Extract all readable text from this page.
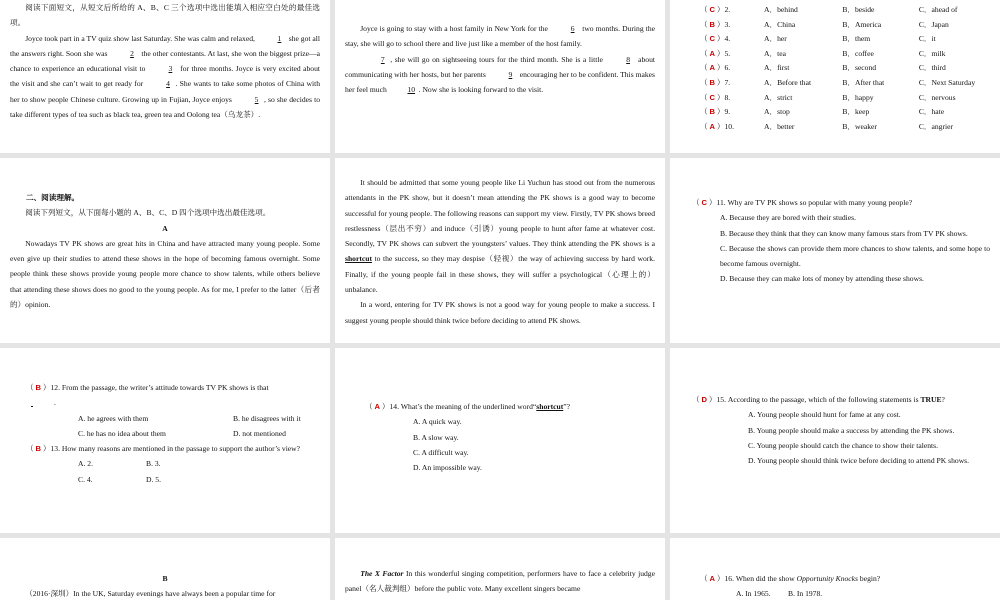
阅读下面短文，从短文后所给的 A、B、C 三个选项中选出能填入相应空白处的最佳选项。

Joyce took part in a TV quiz show last Saturday. She was calm and relaxed,	1 she got all the answers right. Soon she was	2 the other contestants. At last, she won the biggest prize—a chance to experience an educational visit to	3 for three months. Joyce is very excited about the visit and she can’t wait to get ready for	4 . She wants to take some photos of China with her to show people Chinese culture. Growing up in Fujian, Joyce enjoys	5 , so she decides to take different types of tea such as black tea, green tea and Oolong tea（乌龙茶）.

Joyce is going to stay with a host family in New York for the	6 two months. During the stay, she will go to school there and live just like a member of the host family.

7 , she will go on sightseeing tours for the third month. She is a little	8 about communicating with her hosts, but her parents	9 encouraging her to be confident. This makes her feel much	10 . Now she is looking forward to the visit.

（ C ）2.	A．behind	B．beside	C．ahead of
（ B ）3.	A．China	B．America	C．Japan
（ C ）4.	A．her	B．them	C．it
（ A ）5.	A．tea	B．coffee	C．milk
（ A ）6.	A．first	B．second	C．third
（ B ）7.	A．Before that	B．After that	C．Next Saturday
（ C ）8.	A．strict	B．happy	C．nervous
（ B ）9.	A．stop	B．keep	C．hate
（ A ）10.	A．better	B．weaker	C．angrier

二、阅读理解。

阅读下列短文，从下面每小题的 A、B、C、D 四个选项中选出最佳选项。

A

Nowadays TV PK shows are great hits in China and have attracted many young people. Some even give up their studies to attend these shows in the hope of becoming famous overnight. Some people think these shows provide young people more chance to show talents, while others believe that attending these shows does no good to the young people. As for me, I prefer to the latter（后者的）opinion.

It should be admitted that some young people like Li Yuchun has stood out from the numerous attendants in the PK show, but it doesn’t mean attending the PK shows is a good way to become successful for young people. The following reasons can support my view. Firstly, TV PK shows breed restlessness（层出不穷）and induce（引诱）young people to hunt after fame at whatever cost. Secondly, TV PK shows can subvert the youngsters’ values. They think attending the PK shows is a shortcut to the success, so they may despise（轻视）the way of achieving success by hard work. Finally, if the young people fail in these shows, they will suffer a psychological（心理上的）unbalance.

In a word, entering for TV PK shows is not a good way for young people to make a success. I suggest young people should think twice before deciding to attend PK shows.

（ C ）11. Why are TV PK shows so popular with many young people?

A. Because they are bored with their studies.

B. Because they think that they can know many famous stars from TV PK shows.

C. Because the shows can provide them more chances to show talents, and some hope to become famous overnight.

D. Because they can make lots of money by attending these shows.

（ B ）12. From the passage, the writer’s attitude towards TV PK shows is that

.

A. he agrees with them	B. he disagrees with it
C. he has no idea about them	D. not mentioned

（ B ）13. How many reasons are mentioned in the passage to support the author’s view?

A. 2.	B. 3.
C. 4.	D. 5.

（ A ）14. What’s the meaning of the underlined word“shortcut”?

A. A quick way.

B. A slow way.

C. A difficult way.

D. An impossible way.

（ D ）15. According to the passage, which of the following statements is TRUE?

A. Young people should hunt for fame at any cost.

B. Young people should make a success by attending the PK shows.

C. Young people should catch the chance to show their talents.

D. Young people should think twice before deciding to attend PK shows.

B

（2016·深圳）In the UK, Saturday evenings have always been a popular time for

The X Factor In this wonderful singing competition, performers have to face a celebrity judge panel（名人裁判组）before the public vote. Many excellent singers became

（ A ）16. When did the show Opportunity Knocks begin?

A. In 1965.	B. In 1978.
